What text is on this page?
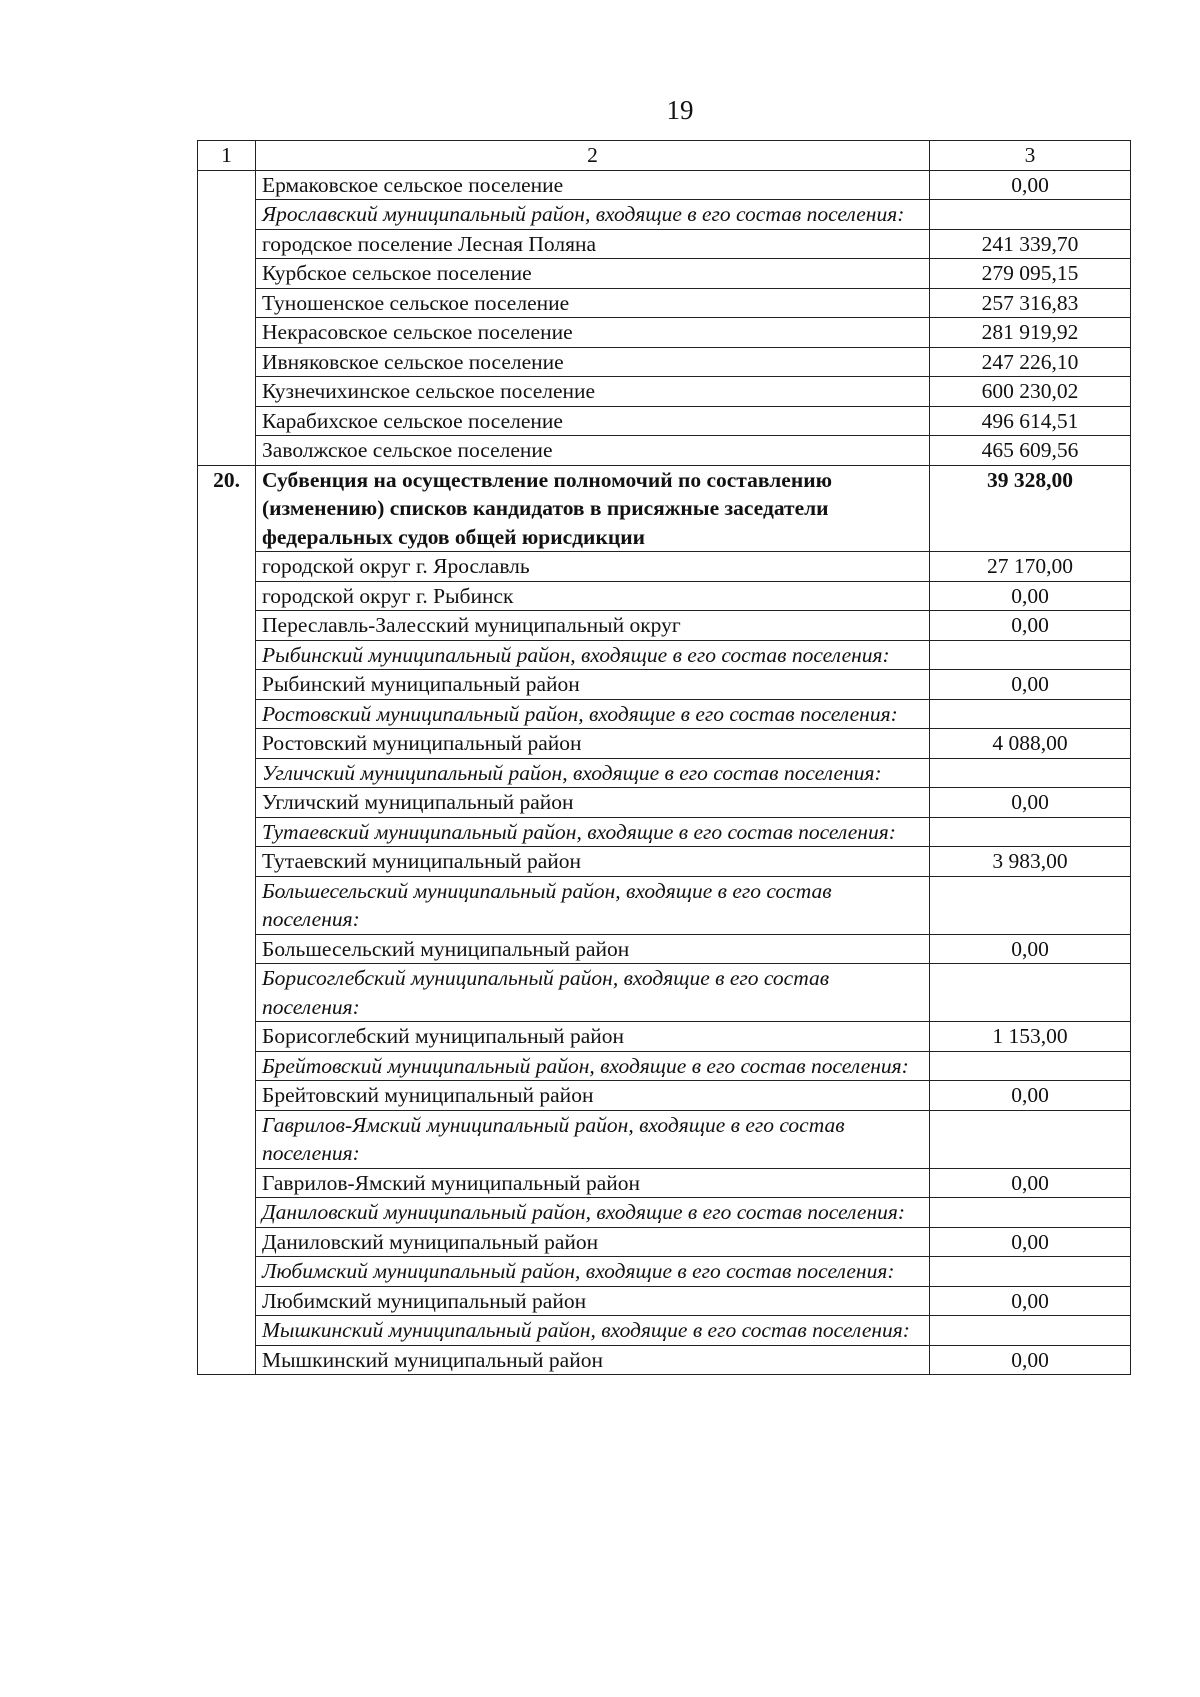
19
1	2	3
	Ермаковское сельское поселение	0,00
	Ярославский муниципальный район, входящие в его состав поселения:	
	городское поселение Лесная Поляна	241 339,70
	Курбское сельское поселение	279 095,15
	Туношенское сельское поселение	257 316,83
	Некрасовское сельское поселение	281 919,92
	Ивняковское сельское поселение	247 226,10
	Кузнечихинское сельское поселение	600 230,02
	Карабихское сельское поселение	496 614,51
	Заволжское сельское поселение	465 609,56
20.	Субвенция на осуществление полномочий по составлению (изменению) списков кандидатов в присяжные заседатели федеральных судов общей юрисдикции	39 328,00
	городской округ г. Ярославль	27 170,00
	городской округ г. Рыбинск	0,00
	Переславль-Залесский муниципальный округ	0,00
	Рыбинский муниципальный район, входящие в его состав поселения:	
	Рыбинский муниципальный район	0,00
	Ростовский муниципальный район, входящие в его состав поселения:	
	Ростовский муниципальный район	4 088,00
	Угличский муниципальный район, входящие в его состав поселения:	
	Угличский муниципальный район	0,00
	Тутаевский муниципальный район, входящие в его состав поселения:	
	Тутаевский муниципальный район	3 983,00
	Большесельский муниципальный район, входящие в его состав поселения:	
	Большесельский муниципальный район	0,00
	Борисоглебский муниципальный район, входящие в его состав поселения:	
	Борисоглебский муниципальный район	1 153,00
	Брейтовский муниципальный район, входящие в его состав поселения:	
	Брейтовский муниципальный район	0,00
	Гаврилов-Ямский муниципальный район, входящие в его состав поселения:	
	Гаврилов-Ямский муниципальный район	0,00
	Даниловский муниципальный район, входящие в его состав поселения:	
	Даниловский муниципальный район	0,00
	Любимский муниципальный район, входящие в его состав поселения:	
	Любимский муниципальный район	0,00
	Мышкинский муниципальный район, входящие в его состав поселения:	
	Мышкинский муниципальный район	0,00
